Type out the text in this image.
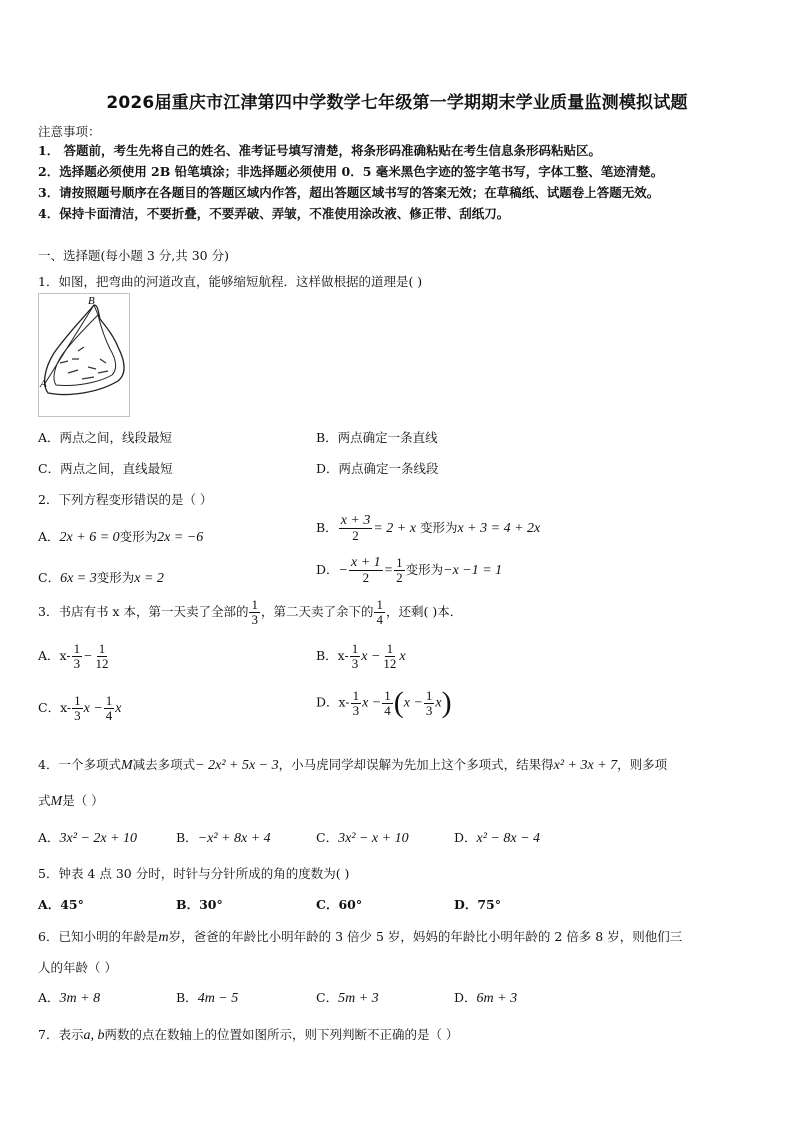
2026届重庆市江津第四中学数学七年级第一学期期末学业质量监测模拟试题
注意事项：
1． 答题前，考生先将自己的姓名、准考证号填写清楚，将条形码准确粘贴在考生信息条形码粘贴区。
2．选择题必须使用 2B 铅笔填涂；非选择题必须使用 0．5 毫米黑色字迹的签字笔书写，字体工整、笔迹清楚。
3．请按照题号顺序在各题目的答题区域内作答，超出答题区域书写的答案无效；在草稿纸、试题卷上答题无效。
4．保持卡面清洁，不要折叠，不要弄破、弄皱，不准使用涂改液、修正带、刮纸刀。
一、选择题(每小题 3 分,共 30 分)
1．如图，把弯曲的河道改直，能够缩短航程．这样做根据的道理是( )
B
A
A．两点之间，线段最短	B．两点确定一条直线
C．两点之间，直线最短	D．两点确定一条线段
2．下列方程变形错误的是（ ）
A．2x + 6 = 0变形为2x = −6
B． $\frac{x + 3}{2} = 2 + x$ 变形为x + 3 = 4 + 2x
C．6x = 3变形为x = 2
D．− $\frac{x + 1}{2} = \frac{1}{2}$ 变形为−x −1 = 1
3．书店有书 x 本，第一天卖了全部的 $\frac{1}{3}$ ，第二天卖了余下的 $\frac{1}{4}$ ，还剩( )本．
A．$x- \frac{1}{3} - \frac{1}{12}$	B．$x- \frac{1}{3}$ $x - \frac{1}{12}$ x
C．$x- \frac{1}{3}$ $x - \frac{1}{4}$ x	D．$x- \frac{1}{3}$ $x - \frac{1}{4} (x - \frac{1}{3} x)$
4．一个多项式M减去多项式− 2x² + 5x − 3，小马虎同学却误解为先加上这个多项式，结果得x² + 3x + 7，则多项
式M是（ ）
A．3x² − 2x + 10	B．−x² + 8x + 4	C．3x² − x + 10	D．x² − 8x − 4
5．钟表 4 点 30 分时，时针与分针所成的角的度数为( )
A．45°	B．30°	C．60°	D．75°
6．已知小明的年龄是m岁，爸爸的年龄比小明年龄的 3 倍少 5 岁，妈妈的年龄比小明年龄的 2 倍多 8 岁，则他们三
人的年龄（ ）
A．3m + 8	B．4m − 5	C．5m + 3	D．6m + 3
7．表示a, b两数的点在数轴上的位置如图所示，则下列判断不正确的是（ ）
